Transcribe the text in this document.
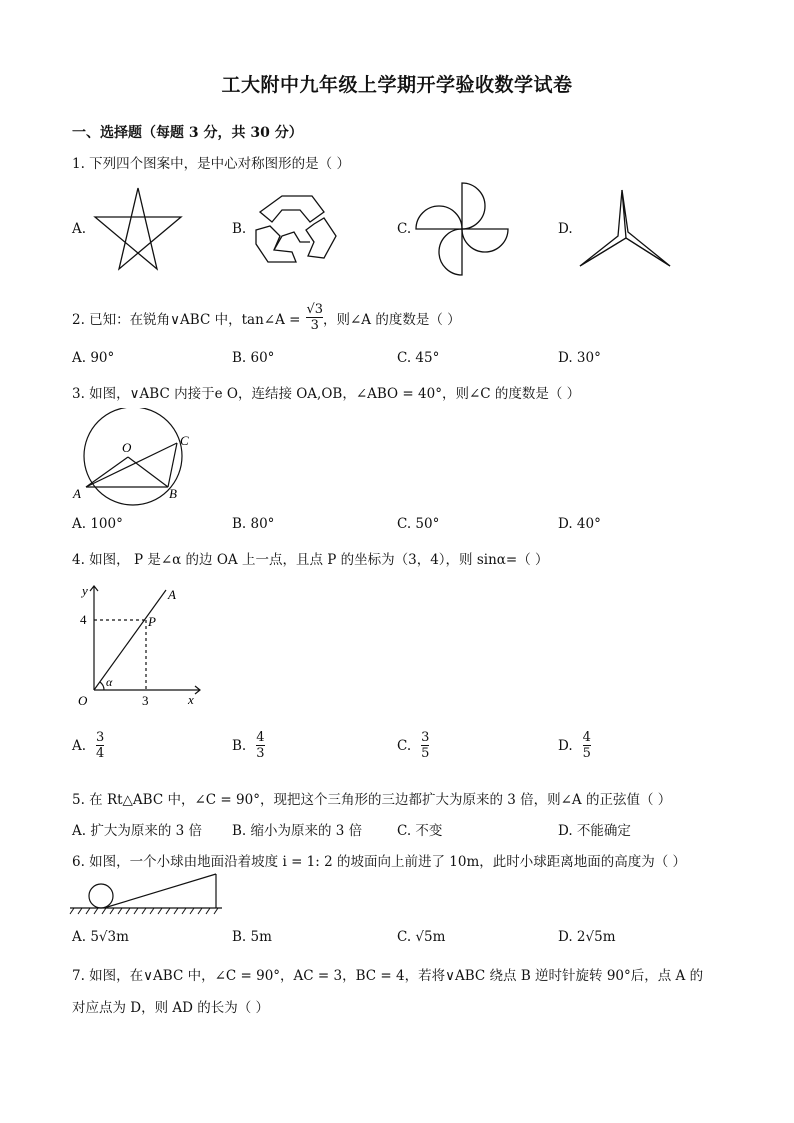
工大附中九年级上学期开学验收数学试卷
一、选择题（每题 3 分，共 30 分）
1. 下列四个图案中，是中心对称图形的是（ ）
A.	B.	C.	D.
2. 已知：在锐角∨ABC 中，tan∠A = $\frac{√3}{3}$ ，则∠A 的度数是（ ）
A. 90°	B. 60°	C. 45°	D. 30°
3. 如图，∨ABC 内接于e O，连结接 OA,OB，∠ABO = 40°，则∠C 的度数是（ ）
O	C
A	B
A. 100°	B. 80°	C. 50°	D. 40°
4. 如图， P 是∠α 的边 OA 上一点，且点 P 的坐标为（3，4），则 sinα=（ ）
y
x
O
A
P
4
3
α
A. $\frac{3}{4}$	B. $\frac{4}{3}$	C. $\frac{3}{5}$	D. $\frac{4}{5}$
5. 在 Rt△ABC 中，∠C = 90°，现把这个三角形的三边都扩大为原来的 3 倍，则∠A 的正弦值（ ）
A. 扩大为原来的 3 倍 B. 缩小为原来的 3 倍	C. 不变	D. 不能确定
6. 如图，一个小球由地面沿着坡度 i = 1: 2 的坡面向上前进了 10m，此时小球距离地面的高度为（ ）
A. 5√3m	B. 5m	C. √5m	D. 2√5m
7. 如图，在∨ABC 中，∠C = 90°，AC = 3，BC = 4，若将∨ABC 绕点 B 逆时针旋转 90°后，点 A 的
对应点为 D，则 AD 的长为（ ）
